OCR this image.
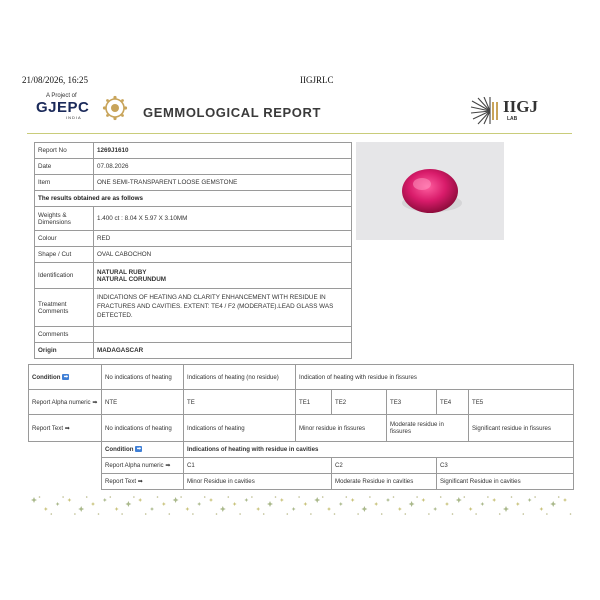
21/08/2026, 16:25	IIGJRLC
A Project of
GJEPC
INDIA	GEMMOLOGICAL REPORT	IIGJ
LAB
Report No	1269J1610
Date	07.08.2026
Item	ONE SEMI-TRANSPARENT LOOSE GEMSTONE
The results obtained are as follows	
Weights & Dimensions	1.400 ct : 8.04 X 5.97 X 3.10MM
Colour	RED
Shape / Cut	OVAL CABOCHON
Identification	NATURAL RUBY
NATURAL CORUNDUM

Treatment Comments	INDICATIONS OF HEATING AND CLARITY ENHANCEMENT WITH RESIDUE IN FRACTURES AND CAVITIES. EXTENT: TE4 / F2 (MODERATE).LEAD GLASS WAS DETECTED.
Comments	
Origin	MADAGASCAR
Condition ➡	No indications of heating	Indications of heating (no residue)	Indication of heating with residue in fissures				
Report Alpha numeric ➡	NTE	TE	TE1	TE2	TE3	TE4	TE5
Report Text ➡	No indications of heating	Indications of heating	Minor residue in fissures		Moderate residue in fissures		Significant residue in fissures
	Condition ➡	Indications of heating with residue in cavities					
	Report Alpha numeric ➡	C1		C2		C3	
	Report Text ➡	Minor Residue in cavities		Moderate Residue in cavities		Significant Residue in cavities	
